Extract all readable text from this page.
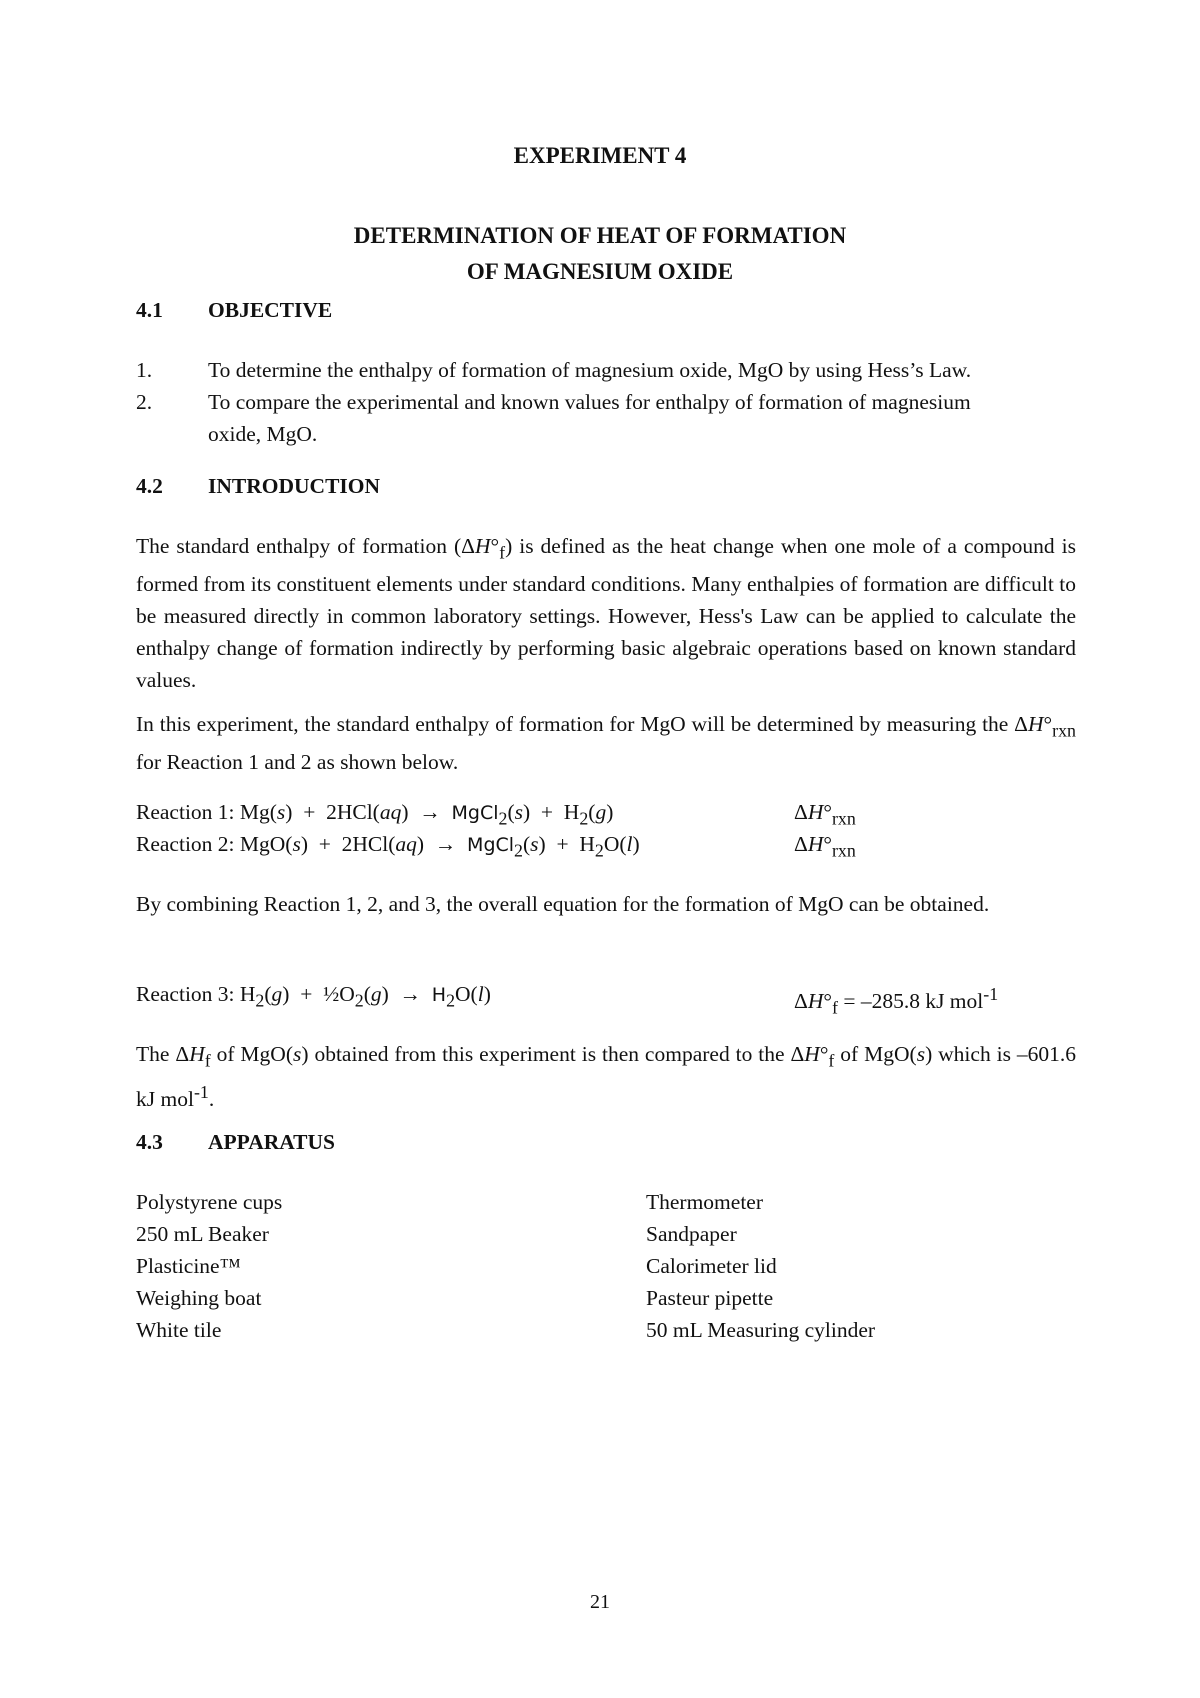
EXPERIMENT 4
DETERMINATION OF HEAT OF FORMATION
OF MAGNESIUM OXIDE
4.1 OBJECTIVE
1.	To determine the enthalpy of formation of magnesium oxide, MgO by using Hess’s Law.
2.	To compare the experimental and known values for enthalpy of formation of magnesium
oxide, MgO.
4.2 INTRODUCTION
The standard enthalpy of formation $(\Delta H^\circ_f)$ is defined as the heat change when one mole of a compound is formed from its constituent elements under standard conditions. Many enthalpies of formation are difficult to be measured directly in common laboratory settings. However, Hess's Law can be applied to calculate the enthalpy change of formation indirectly by performing basic algebraic operations based on known standard values.
In this experiment, the standard enthalpy of formation for MgO will be determined by measuring the $\Delta H^\circ_{rxn}$ for Reaction 1 and 2 as shown below.
Reaction 1: Mg(s)  +  2HCl(aq)  →  MgCl$_2$(s)  +  $H_2(g)$	$\Delta H^\circ_{rxn}$
Reaction 2: MgO(s)  +  2HCl(aq)  →  MgCl$_2$(s)  +  $H_2O(l)$	$\Delta H^\circ_{rxn}$
By combining Reaction 1, 2, and 3, the overall equation for the formation of MgO can be obtained.
Reaction 3: $H_2(g)$  +  $\frac{1}{2}O_2(g) \to H_2O(l)$	$\Delta H^\circ_f = -285.8$ kJ mol$^{-1}$
The $\Delta H_f$ of MgO(s) obtained from this experiment is then compared to the $\Delta H^\circ_f$ of MgO(s) which is –601.6 kJ mol$^{-1}$.
4.3 APPARATUS
Polystyrene cups	Thermometer
250 mL Beaker	Sandpaper
Plasticine™	Calorimeter lid
Weighing boat	Pasteur pipette
White tile	50 mL Measuring cylinder
21
